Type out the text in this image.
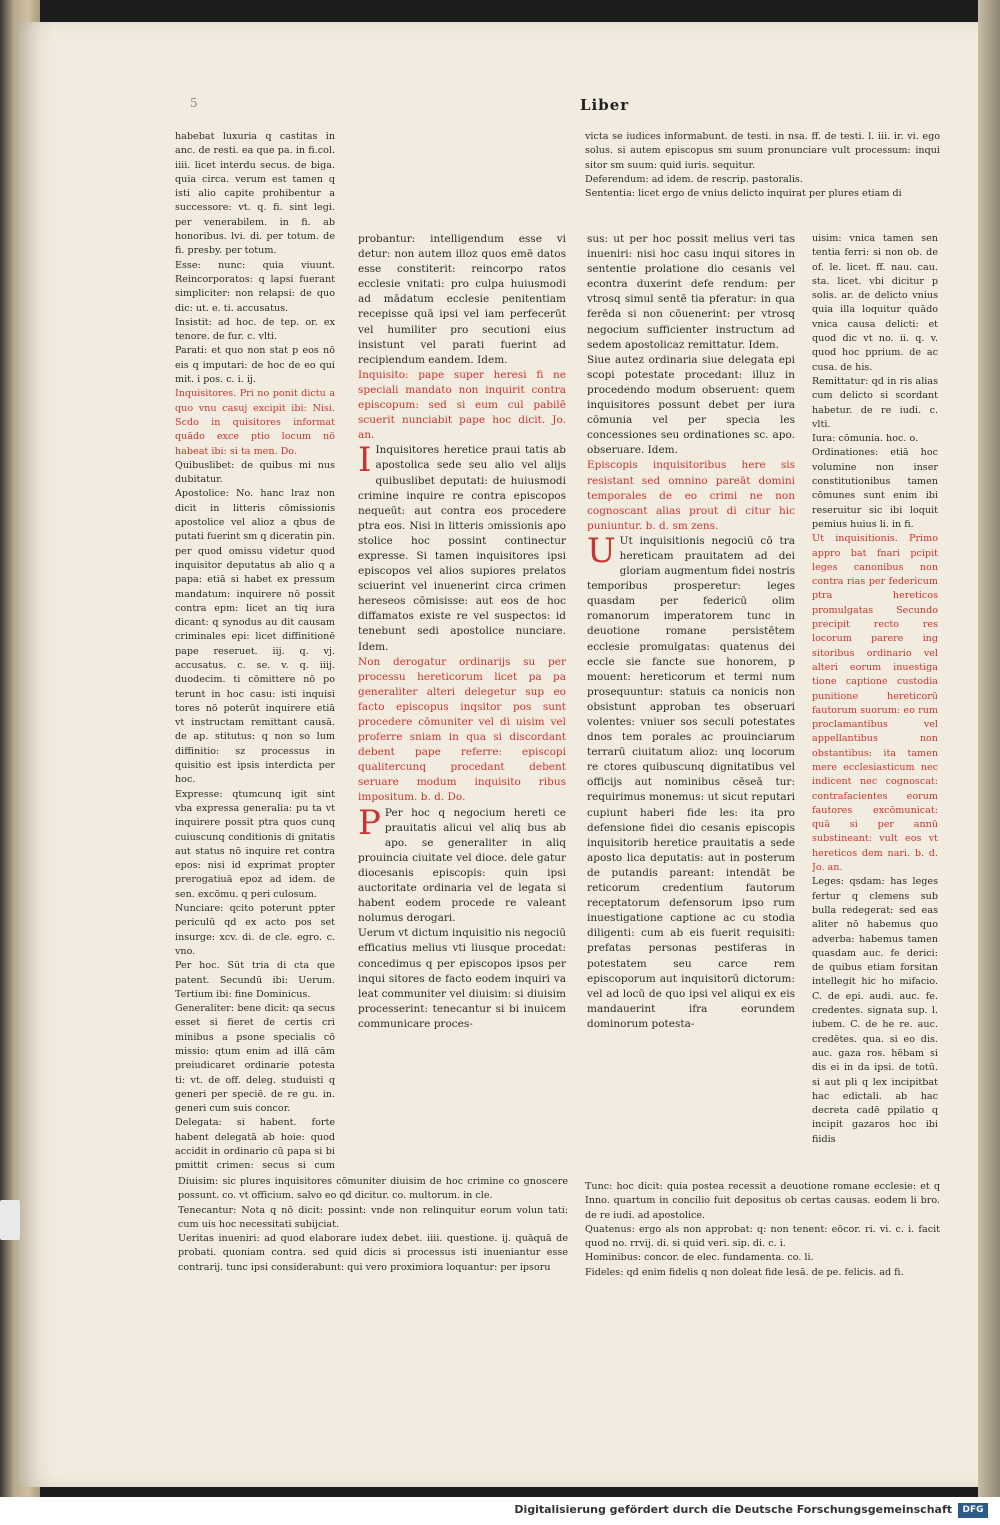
5	Liber

habebat luxuria q castitas in anc. de resti. ea que pa. in fi.col. iiii. licet interdu secus. de biga. quia circa. verum est tamen q isti alio capite prohibentur a successore: vt. q. fi. sint legi. per venerabilem. in fi. ab honoribus. lvi. di. per totum. de fi. presby. per totum.

Esse: nunc: quia viuunt. Reincorporatos: q lapsi fuerant simpliciter: non relapsi: de quo dic: ut. e. ti. accusatus.

Insistit: ad hoc. de tep. or. ex tenore. de fur. c. vlti.

Parati: et quo non stat p eos nō eis q imputari: de hoc de eo qui mit. i pos. c. i. ij.

Inquisitores. Pri no ponit dictu a quo vnu casuj excipit ibi: Nisi. Scdo in quisitores informat quādo exce ptio locum nō habeat ibi: si ta men. Do.

Quibuslibet: de quibus mi nus dubitatur.

Apostolice: No. hanc lraz non dicit in litteris cōmissionis apostolice vel alioz a qbus de putati fuerint sm q diceratin pin. per quod omissu videtur quod inquisitor deputatus ab alio q a papa: etiā si habet ex pressum mandatum: inquirere nō possit contra epm: licet an tiq iura dicant: q synodus au dit causam criminales epi: licet diffinitionē pape reseruet. iij. q. vj. accusatus. c. se. v. q. iiij. duodecim. ti cōmittere nō po terunt in hoc casu: isti inquisi tores nō poterūt inquirere etiā vt instructam remittant causā. de ap. stitutus: q non so lum diffinitio: sz processus in quisitio est ipsis interdicta per hoc.

Expresse: qtumcunq igit sint vba expressa generalia: pu ta vt inquirere possit ptra quos cunq cuiuscunq conditionis di gnitatis aut status nō inquire ret contra epos: nisi id exprimat propter prerogatiuā epoz ad idem. de sen. excōmu. q peri culosum.

Nunciare: qcito poterunt ppter periculū qd ex acto pos set insurge: xcv. di. de cle. egro. c. vno.

Per hoc. Sūt tria di cta que patent. Secundū ibi: Uerum. Tertium ibi: fine Dominicus.

Generaliter: bene dicit: qa secus esset si fieret de certis cri minibus a psone specialis cō missio: qtum enim ad illā cām preiudicaret ordinarie potesta ti: vt. de off. deleg. studuisti q generi per speciē. de re gu. in. generi cum suis concor.

Delegata: si habent. forte habent delegatā ab hoie: quod accidit in ordinario cū papa si bi pmittit crimen: secus si cum

probantur: intelligendum esse vi detur: non autem illoz quos emē datos esse constiterit: reincorpo ratos ecclesie vnitati: pro culpa huiusmodi ad mādatum ecclesie penitentiam recepisse quā ipsi vel iam perfecerūt vel humiliter pro secutioni eius insistunt vel parati fuerint ad recipiendum eandem. Idem.

Inquisito: pape super heresi fi ne speciali mandato non inquirit contra episcopum: sed si eum cul pabilē scuerit nunciabit pape hoc dicit. Jo. an.

I Inquisitores heretice praui tatis ab apostolica sede seu alio vel alijs quibuslibet deputati: de huiusmodi crimine inquire re contra episcopos nequeūt: aut contra eos procedere ptra eos. Nisi in litteris ɔmissionis apo stolice hoc possint continectur expresse. Si tamen inquisitores ipsi episcopos vel alios supiores prelatos sciuerint vel inuenerint circa crimen hereseos cōmisisse: aut eos de hoc diffamatos existe re vel suspectos: id tenebunt sedi apostolice nunciare. Idem.

Non derogatur ordinarijs su per processu hereticorum licet pa pa generaliter alteri delegetur sup eo facto episcopus inqsitor pos sunt procedere cōmuniter vel di uisim vel proferre sniam in qua si discordant debent pape referre: episcopi qualitercunq procedant debent seruare modum inquisito ribus impositum. b. d. Do.

P Per hoc q negocium hereti ce prauitatis alicui vel aliq bus ab apo. se generaliter in aliq prouincia ciuitate vel dioce. dele gatur diocesanis episcopis: quin ipsi auctoritate ordinaria vel de legata si habent eodem procede re valeant nolumus derogari.

Uerum vt dictum inquisitio nis negociū efficatius melius vti liusque procedat: concedimus q per episcopos ipsos per inqui sitores de facto eodem inquiri va leat communiter vel diuisim: si diuisim processerint: tenecantur si bi inuicem communicare proces-

victa se iudices informabunt. de testi. in nsa. ff. de testi. l. iii. ir. vi. ego solus. si autem episcopus sm suum pronunciare vult processum: inqui sitor sm suum: quid iuris. sequitur.

Deferendum: ad idem. de rescrip. pastoralis.

Sententia: licet ergo de vnius delicto inquirat per plures etiam di

sus: ut per hoc possit melius veri tas inueniri: nisi hoc casu inqui sitores in sententie prolatione dio cesanis vel econtra duxerint defe rendum: per vtrosq simul sentē tia pferatur: in qua ferēda si non cōuenerint: per vtrosq negocium sufficienter instructum ad sedem apostolicaz remittatur. Idem.

Siue autez ordinaria siue delegata epi scopi potestate procedant: illuz in procedendo modum obseruent: quem inquisitores possunt debet per iura cōmunia vel per specia les concessiones seu ordinationes sc. apo. obseruare. Idem.

Episcopis inquisitoribus here sis resistant sed omnino pareāt domini temporales de eo crimi ne non cognoscant alias prout di citur hic puniuntur. b. d. sm zens.

U Ut inquisitionis negociū cō tra hereticam prauitatem ad dei gloriam augmentum fidei nostris temporibus prosperetur: leges quasdam per federicū olim romanorum imperatorem tunc in deuotione romane persistētem ecclesie promulgatas: quatenus dei eccle sie fancte sue honorem, p mouent: hereticorum et termi num prosequuntur: statuis ca nonicis non obsistunt approban tes obseruari volentes: vniuer sos seculi potestates dnos tem porales ac prouinciarum terrarū ciuitatum alioz: unq locorum re ctores quibuscunq dignitatibus vel officijs aut nominibus cēseā tur: requirimus monemus: ut sicut reputari cupiunt haberi fide les: ita pro defensione fidei dio cesanis episcopis inquisitorib heretice prauitatis a sede aposto lica deputatis: aut in posterum de putandis pareant: intendāt be reticorum credentium fautorum receptatorum defensorum ipso rum inuestigatione captione ac cu stodia diligenti: cum ab eis fuerit requisiti: prefatas personas pestiferas in potestatem seu carce rem episcoporum aut inquisitorū dictorum: vel ad locū de quo ipsi vel aliqui ex eis mandauerint ifra eorundem dominorum potesta-

uisim: vnica tamen sen tentia ferri: si non ob. de of. le. licet. ff. nau. cau. sta. licet. vbi dicitur p solis. ar. de delicto vnius quia illa loquitur quādo vnica causa delicti: et quod dic vt no. ii. q. v. quod hoc pprium. de ac cusa. de his.

Remittatur: qd in ris alias cum delicto si scordant habetur. de re iudi. c. vlti.

Iura: cōmunia. hoc. o.

Ordinationes: etiā hoc volumine non inser constitutionibus tamen cōmunes sunt enim ibi reseruitur sic ibi loquit pemius huius li. in fi.

Ut inquisitionis. Primo appro bat fnari pcipit leges canonibus non contra rias per federicum ptra hereticos promulgatas Secundo precipit recto res locorum parere ing sitoribus ordinario vel alteri eorum inuestiga tione captione custodia punitione hereticorū fautorum suorum: eo rum proclamantibus vel appellantibus non obstantibus: ita tamen mere ecclesiasticum nec indicent nec cognoscat: contrafacientes eorum fautores excōmunicat: quā si per annū substineant: vult eos vt hereticos dem nari. b. d. Jo. an.

Leges: qsdam: has leges fertur q clemens sub bulla redegerat: sed eas aliter nō habemus quo adverba: habemus tamen quasdam auc. fe derici: de quibus etiam forsitan intellegit hic ho mifacio. C. de epi. audi. auc. fe. credentes. signata sup. l. iubem. C. de he re. auc. credētes. qua. si eo dis. auc. gaza ros. hēbam si dis ei in da ipsi. de totū. si aut pli q lex incipitbat hac edictali. ab hac decreta cadē ppilatio q incipit gazaros hoc ibi fiidis

Diuisim: sic plures inquisitores cōmuniter diuisim de hoc crimine co gnoscere possunt. co. vt officium. salvo eo qd dicitur. co. multorum. in cle.

Tenecantur: Nota q nō dicit: possint: vnde non relinquitur eorum volun tati: cum uis hoc necessitati subijciat.

Ueritas inueniri: ad quod elaborare iudex debet. iiii. questione. ij. quāquā de probati. quoniam contra. sed quid dicis si processus isti inueniantur esse contrarij. tunc ipsi considerabunt: qui vero proximiora loquantur: per ipsoru

Tunc: hoc dicit: quia postea recessit a deuotione romane ecclesie: et q Inno. quartum in concilio fuit depositus ob certas causas. eodem li bro. de re iudi. ad apostolice.

Quatenus: ergo als non approbat: q: non tenent: eōcor. ri. vi. c. i. facit quod no. rrvij. di. si quid veri. sip. di. c. i.

Hominibus: concor. de elec. fundamenta. co. li.

Fideles: qd enim fidelis q non doleat fide lesā. de pe. felicis. ad fi.

Digitalisierung gefördert durch die Deutsche Forschungsgemeinschaft	DFG
